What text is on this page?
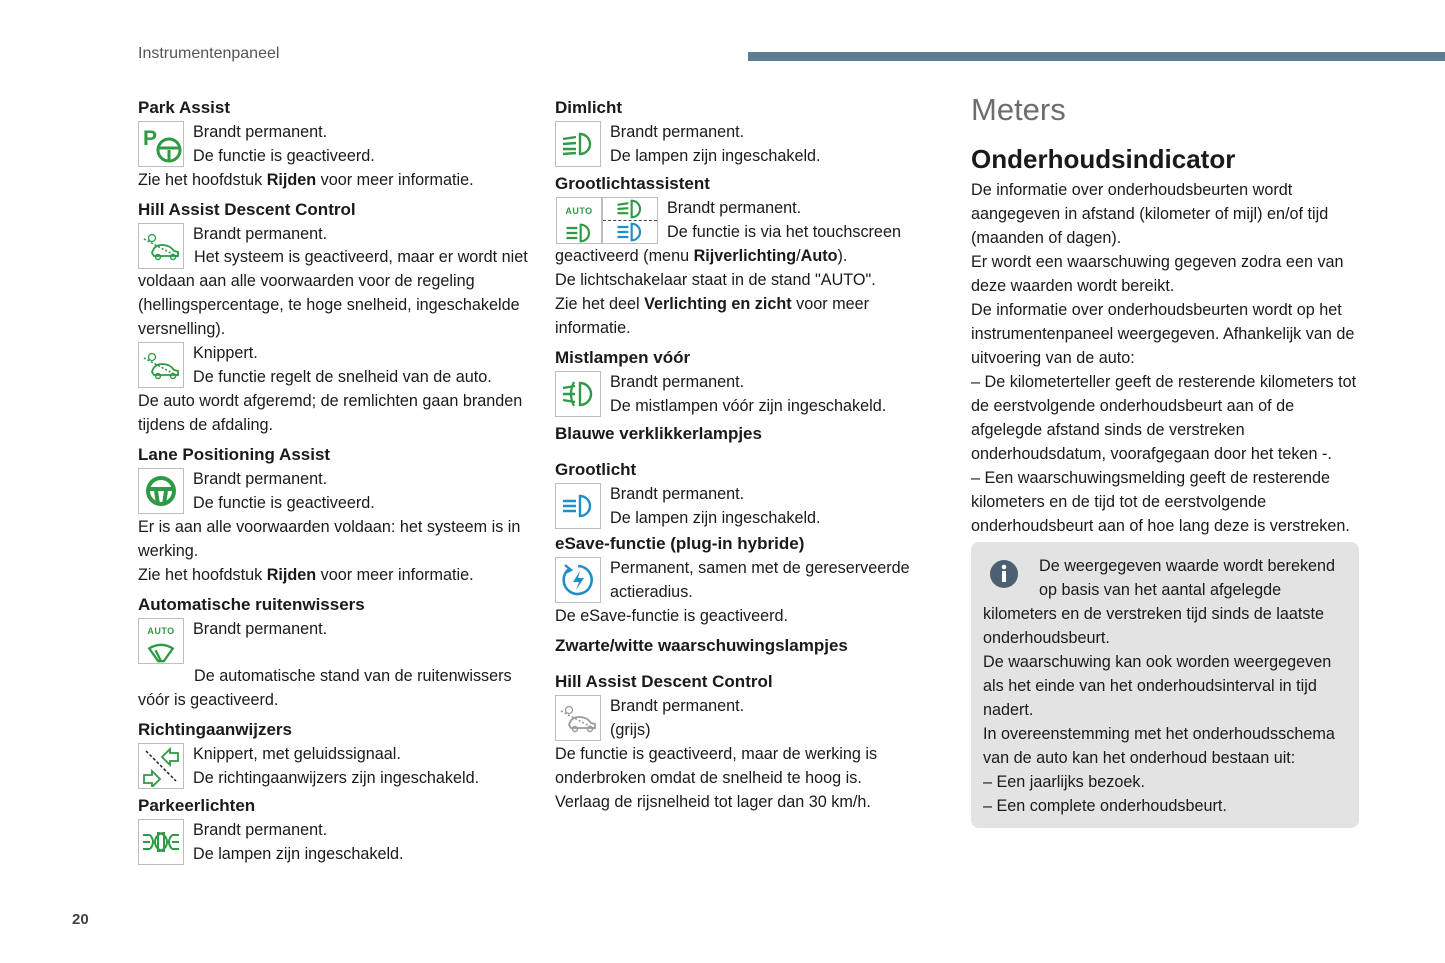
Instrumentenpaneel
20
Park Assist
P Brandt permanent.

De functie is geactiveerd.

Zie het hoofdstuk Rijden voor meer informatie.

Hill Assist Descent Control

Brandt permanent.

Het systeem is geactiveerd, maar er wordt niet voldaan aan alle voorwaarden voor de regeling (hellingspercentage, te hoge snelheid, ingeschakelde versnelling).

Knippert.

De functie regelt de snelheid van de auto.

De auto wordt afgeremd; de remlichten gaan branden tijdens de afdaling.

Lane Positioning Assist

Brandt permanent.

De functie is geactiveerd.

Er is aan alle voorwaarden voldaan: het systeem is in werking.

Zie het hoofdstuk Rijden voor meer informatie.

Automatische ruitenwissers
AUTO Brandt permanent.

De automatische stand van de ruitenwissers vóór is geactiveerd.

Richtingaanwijzers

Knippert, met geluidssignaal.

De richtingaanwijzers zijn ingeschakeld.

Parkeerlichten

Brandt permanent.

De lampen zijn ingeschakeld.

Dimlicht

Brandt permanent.

De lampen zijn ingeschakeld.

Grootlichtassistent
AUTO	Brandt permanent.

De functie is via het touchscreen

geactiveerd (menu Rijverlichting/Auto).

De lichtschakelaar staat in de stand "AUTO".

Zie het deel Verlichting en zicht voor meer informatie.

Mistlampen vóór

Brandt permanent.

De mistlampen vóór zijn ingeschakeld.

Blauwe verklikkerlampjes
Grootlicht

Brandt permanent.

De lampen zijn ingeschakeld.

eSave-functie (plug-in hybride)

Permanent, samen met de gereserveerde actieradius.

De eSave-functie is geactiveerd.

Zwarte/witte waarschuwingslampjes
Hill Assist Descent Control

Brandt permanent.

(grijs)

De functie is geactiveerd, maar de werking is onderbroken omdat de snelheid te hoog is.

Verlaag de rijsnelheid tot lager dan 30 km/h.

Meters
Onderhoudsindicator

De informatie over onderhoudsbeurten wordt aangegeven in afstand (kilometer of mijl) en/of tijd (maanden of dagen).

Er wordt een waarschuwing gegeven zodra een van deze waarden wordt bereikt.

De informatie over onderhoudsbeurten wordt op het instrumentenpaneel weergegeven. Afhankelijk van de uitvoering van de auto:

– De kilometerteller geeft de resterende kilometers tot de eerstvolgende onderhoudsbeurt aan of de afgelegde afstand sinds de verstreken onderhoudsdatum, voorafgegaan door het teken -.

– Een waarschuwingsmelding geeft de resterende kilometers en de tijd tot de eerstvolgende onderhoudsbeurt aan of hoe lang deze is verstreken.

De weergegeven waarde wordt berekend op basis van het aantal afgelegde

kilometers en de verstreken tijd sinds de laatste onderhoudsbeurt.

De waarschuwing kan ook worden weergegeven als het einde van het onderhoudsinterval in tijd nadert.

In overeenstemming met het onderhoudsschema van de auto kan het onderhoud bestaan uit:

– Een jaarlijks bezoek.

– Een complete onderhoudsbeurt.
